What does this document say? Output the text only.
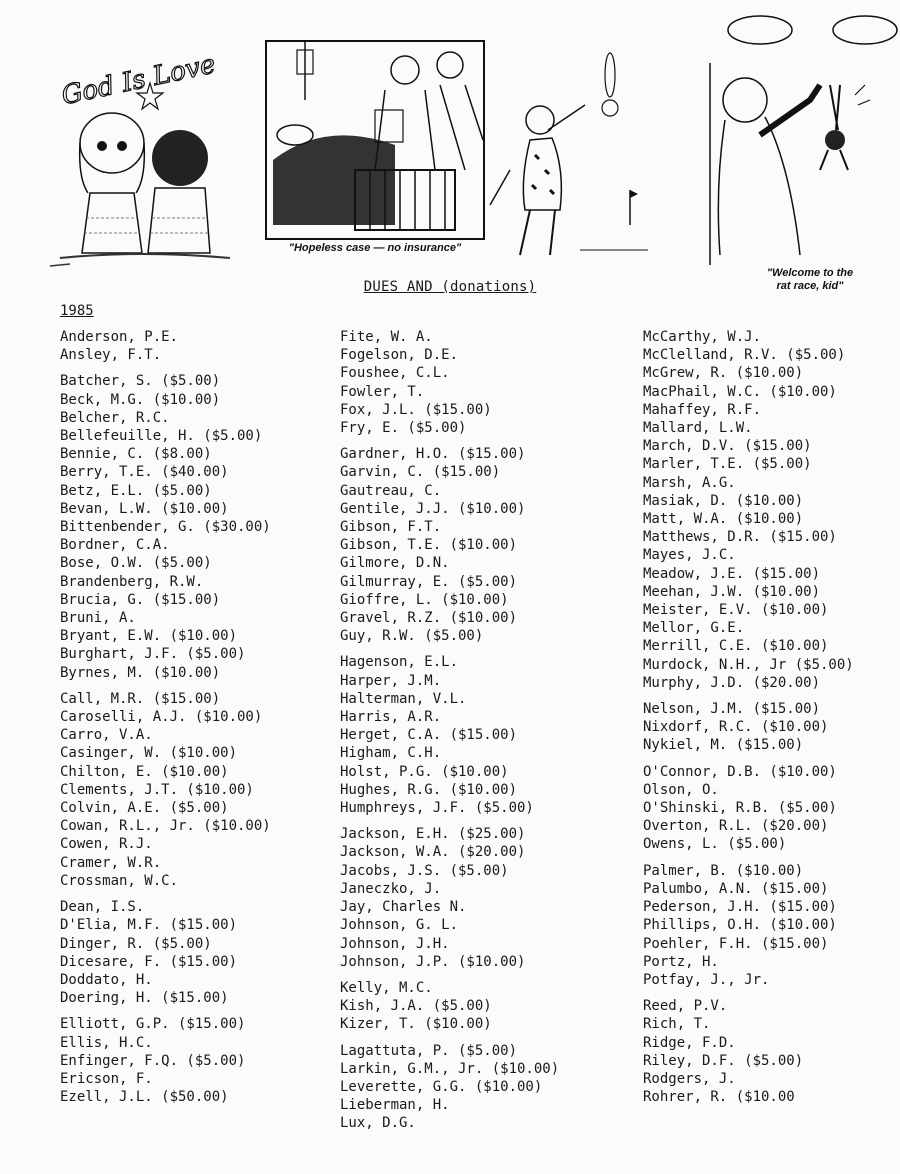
God Is Love
"Hopeless case — no insurance"
"Welcome to the
rat race, kid"
DUES AND (donations)
1985
Anderson, P.E.
Ansley, F.T.
Batcher, S. ($5.00)
Beck, M.G. ($10.00)
Belcher, R.C.
Bellefeuille, H. ($5.00)
Bennie, C. ($8.00)
Berry, T.E. ($40.00)
Betz, E.L. ($5.00)
Bevan, L.W. ($10.00)
Bittenbender, G. ($30.00)
Bordner, C.A.
Bose, O.W. ($5.00)
Brandenberg, R.W.
Brucia, G. ($15.00)
Bruni, A.
Bryant, E.W. ($10.00)
Burghart, J.F. ($5.00)
Byrnes, M. ($10.00)
Call, M.R. ($15.00)
Caroselli, A.J. ($10.00)
Carro, V.A.
Casinger, W. ($10.00)
Chilton, E. ($10.00)
Clements, J.T. ($10.00)
Colvin, A.E. ($5.00)
Cowan, R.L., Jr. ($10.00)
Cowen, R.J.
Cramer, W.R.
Crossman, W.C.
Dean, I.S.
D'Elia, M.F. ($15.00)
Dinger, R. ($5.00)
Dicesare, F. ($15.00)
Doddato, H.
Doering, H. ($15.00)
Elliott, G.P. ($15.00)
Ellis, H.C.
Enfinger, F.Q. ($5.00)
Ericson, F.
Ezell, J.L. ($50.00)
Fite, W. A.
Fogelson, D.E.
Foushee, C.L.
Fowler, T.
Fox, J.L. ($15.00)
Fry, E. ($5.00)
Gardner, H.O. ($15.00)
Garvin, C. ($15.00)
Gautreau, C.
Gentile, J.J. ($10.00)
Gibson, F.T.
Gibson, T.E. ($10.00)
Gilmore, D.N.
Gilmurray, E. ($5.00)
Gioffre, L. ($10.00)
Gravel, R.Z. ($10.00)
Guy, R.W. ($5.00)
Hagenson, E.L.
Harper, J.M.
Halterman, V.L.
Harris, A.R.
Herget, C.A. ($15.00)
Higham, C.H.
Holst, P.G. ($10.00)
Hughes, R.G. ($10.00)
Humphreys, J.F. ($5.00)
Jackson, E.H. ($25.00)
Jackson, W.A. ($20.00)
Jacobs, J.S. ($5.00)
Janeczko, J.
Jay, Charles N.
Johnson, G. L.
Johnson, J.H.
Johnson, J.P. ($10.00)
Kelly, M.C.
Kish, J.A. ($5.00)
Kizer, T. ($10.00)
Lagattuta, P. ($5.00)
Larkin, G.M., Jr. ($10.00)
Leverette, G.G. ($10.00)
Lieberman, H.
Lux, D.G.
McCarthy, W.J.
McClelland, R.V. ($5.00)
McGrew, R. ($10.00)
MacPhail, W.C. ($10.00)
Mahaffey, R.F.
Mallard, L.W.
March, D.V. ($15.00)
Marler, T.E. ($5.00)
Marsh, A.G.
Masiak, D. ($10.00)
Matt, W.A. ($10.00)
Matthews, D.R. ($15.00)
Mayes, J.C.
Meadow, J.E. ($15.00)
Meehan, J.W. ($10.00)
Meister, E.V. ($10.00)
Mellor, G.E.
Merrill, C.E. ($10.00)
Murdock, N.H., Jr ($5.00)
Murphy, J.D. ($20.00)
Nelson, J.M. ($15.00)
Nixdorf, R.C. ($10.00)
Nykiel, M. ($15.00)
O'Connor, D.B. ($10.00)
Olson, O.
O'Shinski, R.B. ($5.00)
Overton, R.L. ($20.00)
Owens, L. ($5.00)
Palmer, B. ($10.00)
Palumbo, A.N. ($15.00)
Pederson, J.H. ($15.00)
Phillips, O.H. ($10.00)
Poehler, F.H. ($15.00)
Portz, H.
Potfay, J., Jr.
Reed, P.V.
Rich, T.
Ridge, F.D.
Riley, D.F. ($5.00)
Rodgers, J.
Rohrer, R. ($10.00
